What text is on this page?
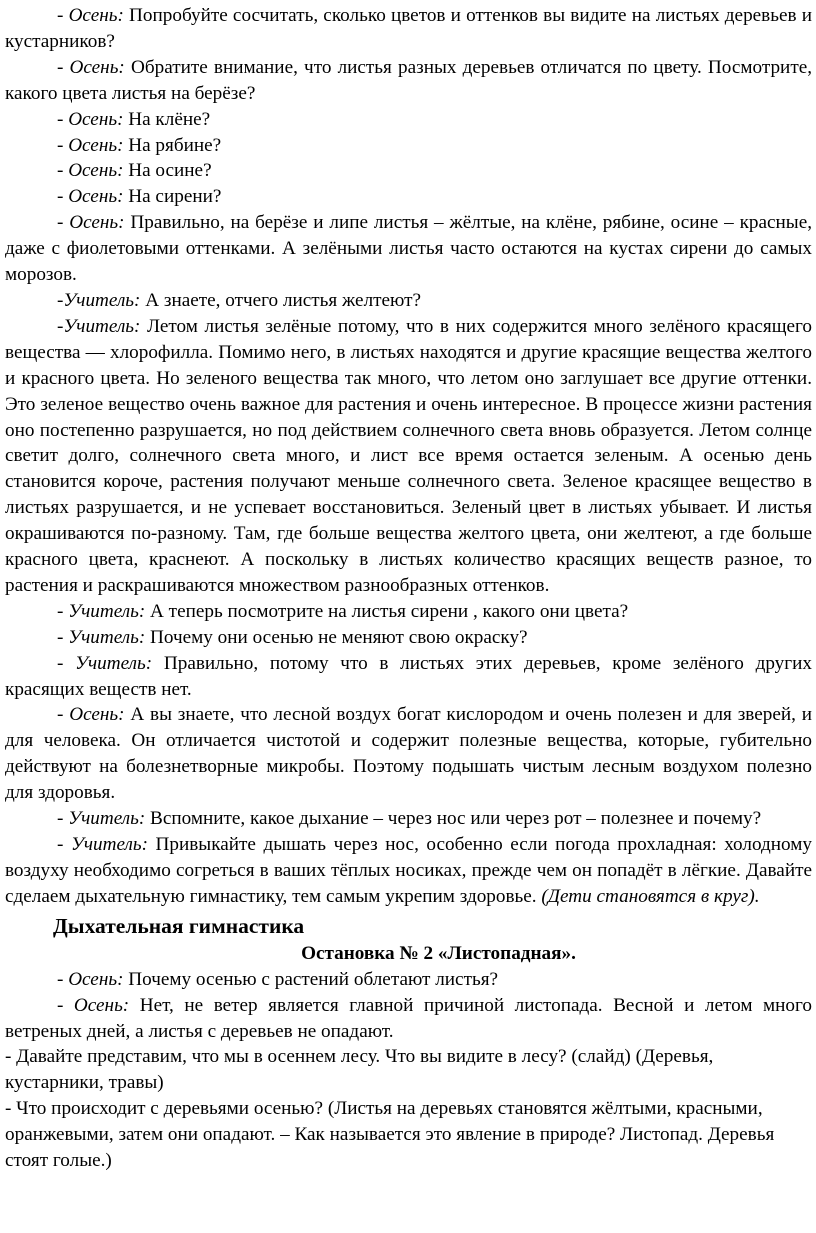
- Осень: Попробуйте сосчитать, сколько цветов и оттенков вы видите на листьях деревьев и кустарников?

- Осень: Обратите внимание, что листья разных деревьев отличатся по цвету. Посмотрите, какого цвета листья на берёзе?

- Осень: На клёне?

- Осень: На рябине?

- Осень: На осине?

- Осень: На сирени?

- Осень: Правильно, на берёзе и липе листья – жёлтые, на клёне, рябине, осине – красные, даже с фиолетовыми оттенками. А зелёными листья часто остаются на кустах сирени до самых морозов.

-Учитель: А знаете, отчего листья желтеют?

-Учитель: Летом листья зелёные потому, что в них содержится много зелёного красящего вещества — хлорофилла. Помимо него, в листьях находятся и другие красящие вещества желтого и красного цвета. Но зеленого вещества так много, что летом оно заглушает все другие оттенки. Это зеленое вещество очень важное для растения и очень интересное. В процессе жизни растения оно постепенно разрушается, но под действием солнечного света вновь образуется. Летом солнце светит долго, солнечного света много, и лист все время остается зеленым. А осенью день становится короче, растения получают меньше солнечного света. Зеленое красящее вещество в листьях разрушается, и не успевает восстановиться. Зеленый цвет в листьях убывает. И листья окрашиваются по-разному. Там, где больше вещества желтого цвета, они желтеют, а где больше красного цвета, краснеют. А поскольку в листьях количество красящих веществ разное, то растения и раскрашиваются множеством разнообразных оттенков.

- Учитель: А теперь посмотрите на листья сирени , какого они цвета?

- Учитель: Почему они осенью не меняют свою окраску?

- Учитель: Правильно, потому что в листьях этих деревьев, кроме зелёного других красящих веществ нет.

- Осень: А вы знаете, что лесной воздух богат кислородом и очень полезен и для зверей, и для человека. Он отличается чистотой и содержит полезные вещества, которые, губительно действуют на болезнетворные микробы. Поэтому подышать чистым лесным воздухом полезно для здоровья.

- Учитель: Вспомните, какое дыхание – через нос или через рот – полезнее и почему?

- Учитель: Привыкайте дышать через нос, особенно если погода прохладная: холодному воздуху необходимо согреться в ваших тёплых носиках, прежде чем он попадёт в лёгкие. Давайте сделаем дыхательную гимнастику, тем самым укрепим здоровье. (Дети становятся в круг).

Дыхательная гимнастика
Остановка № 2 «Листопадная».

- Осень: Почему осенью с растений облетают листья?

- Осень: Нет, не ветер является главной причиной листопада. Весной и летом много ветреных дней, а листья с деревьев не опадают.

- Давайте представим, что мы в осеннем лесу. Что вы видите в лесу? (слайд) (Деревья, кустарники, травы)

- Что происходит с деревьями осенью? (Листья на деревьях становятся жёлтыми, красными, оранжевыми, затем они опадают. – Как называется это явление в природе? Листопад. Деревья стоят голые.)
